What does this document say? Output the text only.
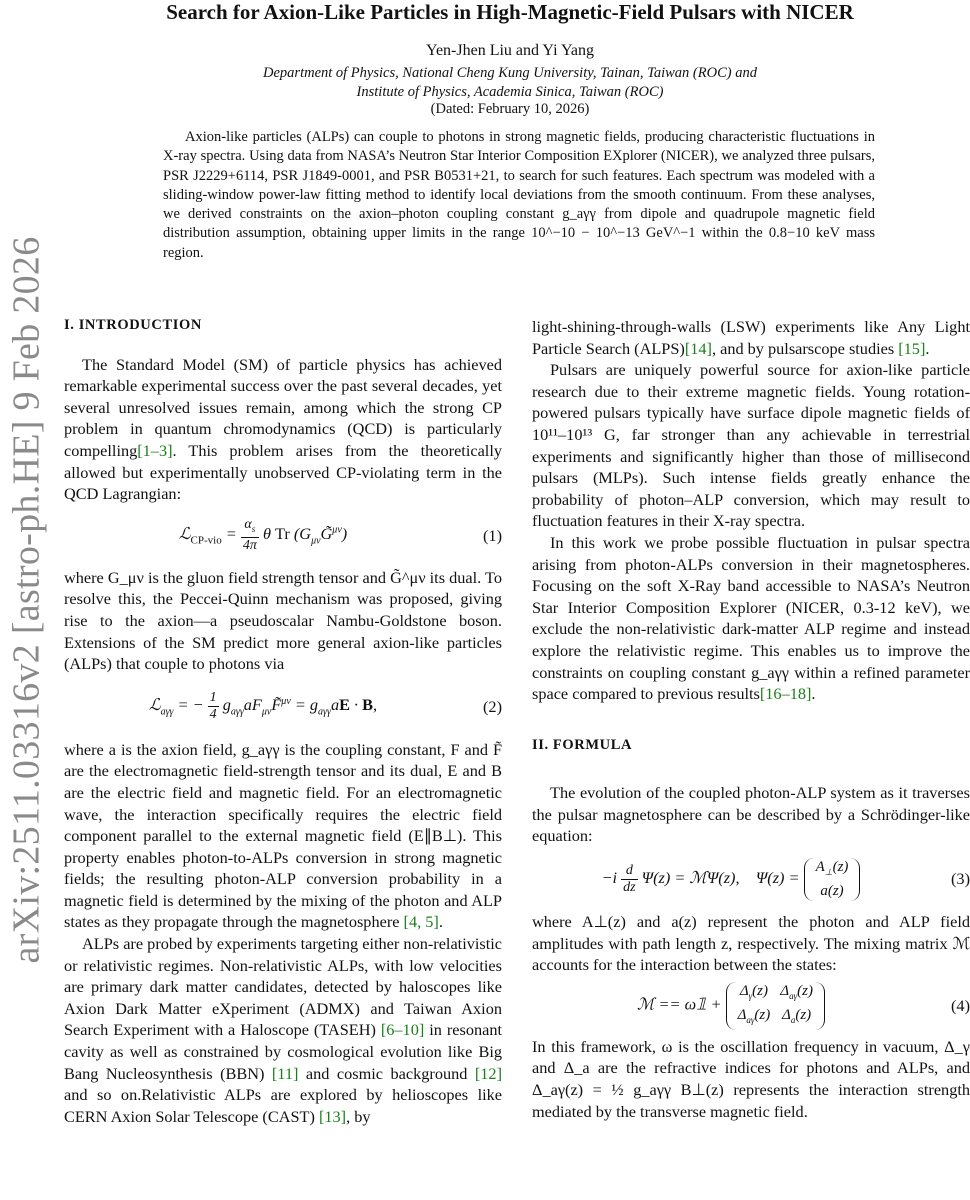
arXiv:2511.03316v2 [astro-ph.HE] 9 Feb 2026
Search for Axion-Like Particles in High-Magnetic-Field Pulsars with NICER
Yen-Jhen Liu and Yi Yang
Department of Physics, National Cheng Kung University, Tainan, Taiwan (ROC) and
Institute of Physics, Academia Sinica, Taiwan (ROC)
(Dated: February 10, 2026)

Axion-like particles (ALPs) can couple to photons in strong magnetic fields, producing characteristic fluctuations in X-ray spectra. Using data from NASA’s Neutron Star Interior Composition EXplorer (NICER), we analyzed three pulsars, PSR J2229+6114, PSR J1849-0001, and PSR B0531+21, to search for such features. Each spectrum was modeled with a sliding-window power-law fitting method to identify local deviations from the smooth continuum. From these analyses, we derived constraints on the axion–photon coupling constant g_aγγ from dipole and quadrupole magnetic field distribution assumption, obtaining upper limits in the range 10^−10 − 10^−13 GeV^−1 within the 0.8−10 keV mass region.

I. INTRODUCTION

The Standard Model (SM) of particle physics has achieved remarkable experimental success over the past several decades, yet several unresolved issues remain, among which the strong CP problem in quantum chromodynamics (QCD) is particularly compelling[1–3]. This problem arises from the theoretically allowed but experimentally unobserved CP-violating term in the QCD Lagrangian:

ℒ$_{CP-vio}$ = $\frac{\alpha_s}{4\pi}$ θ Tr $(G_{\mu\nu}G̃^{\mu\nu})$	(1)

where G_μν is the gluon field strength tensor and G̃^μν its dual. To resolve this, the Peccei-Quinn mechanism was proposed, giving rise to the axion—a pseudoscalar Nambu-Goldstone boson. Extensions of the SM predict more general axion-like particles (ALPs) that couple to photons via

ℒ$_{a\gamma\gamma}$ = − $\frac{1}{4}$ $g_{a\gamma\gamma}aF_{\mu\nu}F̃^{\mu\nu} = g_{a\gamma\gamma}aE \cdot B$,	(2)

where a is the axion field, g_aγγ is the coupling constant, F and F̃ are the electromagnetic field-strength tensor and its dual, E and B are the electric field and magnetic field. For an electromagnetic wave, the interaction specifically requires the electric field component parallel to the external magnetic field (E∥B⊥). This property enables photon-to-ALPs conversion in strong magnetic fields; the resulting photon-ALP conversion probability in a magnetic field is determined by the mixing of the photon and ALP states as they propagate through the magnetosphere [4, 5].

ALPs are probed by experiments targeting either non-relativistic or relativistic regimes. Non-relativistic ALPs, with low velocities are primary dark matter candidates, detected by haloscopes like Axion Dark Matter eXperiment (ADMX) and Taiwan Axion Search Experiment with a Haloscope (TASEH) [6–10] in resonant cavity as well as constrained by cosmological evolution like Big Bang Nucleosynthesis (BBN) [11] and cosmic background [12] and so on.Relativistic ALPs are explored by helioscopes like CERN Axion Solar Telescope (CAST) [13], by

light-shining-through-walls (LSW) experiments like Any Light Particle Search (ALPS)[14], and by pulsarscope studies [15].

Pulsars are uniquely powerful source for axion-like particle research due to their extreme magnetic fields. Young rotation-powered pulsars typically have surface dipole magnetic fields of 10¹¹–10¹³ G, far stronger than any achievable in terrestrial experiments and significantly higher than those of millisecond pulsars (MLPs). Such intense fields greatly enhance the probability of photon–ALP conversion, which may result to fluctuation features in their X-ray spectra.

In this work we probe possible fluctuation in pulsar spectra arising from photon-ALPs conversion in their magnetospheres. Focusing on the soft X-Ray band accessible to NASA’s Neutron Star Interior Composition Explorer (NICER, 0.3-12 keV), we exclude the non-relativistic dark-matter ALP regime and instead explore the relativistic regime. This enables us to improve the constraints on coupling constant g_aγγ within a refined parameter space compared to previous results[16–18].

II. FORMULA

The evolution of the coupled photon-ALP system as it traverses the pulsar magnetosphere can be described by a Schrödinger-like equation:

$-i \frac{d}{dz} \Psi(z)$ = ℳΨ(z),    Ψ(z) =
$A_\perp(z)$
a(z)
(3)

where A⊥(z) and a(z) represent the photon and ALP field amplitudes with path length z, respectively. The mixing matrix ℳ accounts for the interaction between the states:

ℳ == ω𝟙 +
$\Delta_\gamma(z)$	$\Delta_{a\gamma}(z)$
$\Delta_{a\gamma}(z)$	$\Delta_a(z)$	(4)

In this framework, ω is the oscillation frequency in vacuum, Δ_γ and Δ_a are the refractive indices for photons and ALPs, and Δ_aγ(z) = ½ g_aγγ B⊥(z) represents the interaction strength mediated by the transverse magnetic field.
